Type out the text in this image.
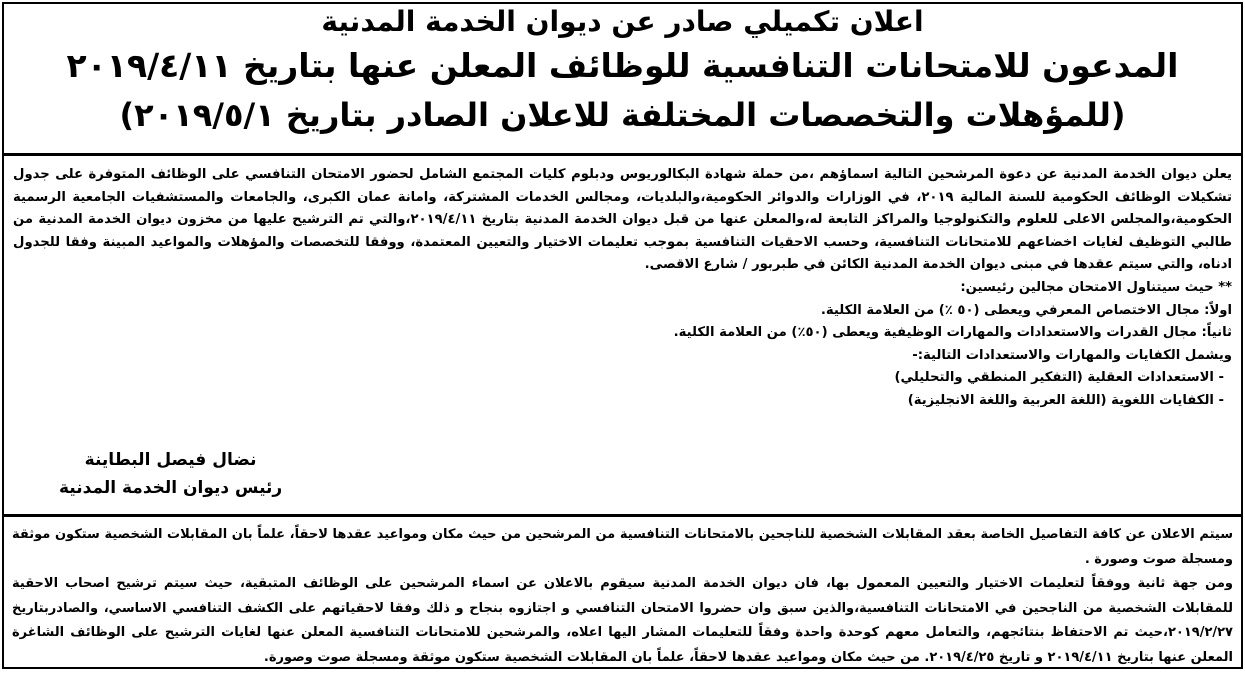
اعلان تكميلي صادر عن ديوان الخدمة المدنية
المدعون للامتحانات التنافسية للوظائف المعلن عنها بتاريخ ٢٠١٩/٤/١١
(للمؤهلات والتخصصات المختلفة للاعلان الصادر بتاريخ ٢٠١٩/٥/١)

يعلن ديوان الخدمة المدنية عن دعوة المرشحين التالية اسماؤهم ،من حملة شهادة البكالوريوس ودبلوم كليات المجتمع الشامل لحضور الامتحان التنافسي على الوظائف المتوفرة على جدول تشكيلات الوظائف الحكومية للسنة المالية ٢٠١٩، في الوزارات والدوائر الحكومية،والبلديات، ومجالس الخدمات المشتركة، وامانة عمان الكبرى، والجامعات والمستشفيات الجامعية الرسمية الحكومية،والمجلس الاعلى للعلوم والتكنولوجيا والمراكز التابعة له،والمعلن عنها من قبل ديوان الخدمة المدنية بتاريخ ٢٠١٩/٤/١١،والتي تم الترشيح عليها من مخزون ديوان الخدمة المدنية من طالبي التوظيف لغايات اخضاعهم للامتحانات التنافسية، وحسب الاحقيات التنافسية بموجب تعليمات الاختيار والتعيين المعتمدة، ووفقا للتخصصات والمؤهلات والمواعيد المبينة وفقا للجدول ادناه، والتي سيتم عقدها في مبنى ديوان الخدمة المدنية الكائن في طبربور / شارع الاقصى.

** حيث سيتناول الامتحان مجالين رئيسين:

اولاً: مجال الاختصاص المعرفي ويعطى (٥٠ ٪) من العلامة الكلية.

ثانياً: مجال القدرات والاستعدادات والمهارات الوظيفية ويعطى (٥٠٪) من العلامة الكلية.

ويشمل الكفايات والمهارات والاستعدادات التالية:-

- الاستعدادات العقلية (التفكير المنطقي والتحليلي)

- الكفايات اللغوية (اللغة العربية واللغة الانجليزية)

نضال فيصل البطاينة
رئيس ديوان الخدمة المدنية

سيتم الاعلان عن كافة التفاصيل الخاصة بعقد المقابلات الشخصية للناجحين بالامتحانات التنافسية من المرشحين من حيث مكان ومواعيد عقدها لاحقاً، علماً بان المقابلات الشخصية ستكون موثقة ومسجلة صوت وصورة .

ومن جهة ثانية ووفقاً لتعليمات الاختيار والتعيين المعمول بها، فان ديوان الخدمة المدنية سيقوم بالاعلان عن اسماء المرشحين على الوظائف المتبقية، حيث سيتم ترشيح اصحاب الاحقية للمقابلات الشخصية من الناجحين في الامتحانات التنافسية،والذين سبق وان حضروا الامتحان التنافسي و اجتازوه بنجاح و ذلك وفقا لاحقياتهم على الكشف التنافسي الاساسي، والصادربتاريخ ٢٠١٩/٢/٢٧،حيث تم الاحتفاظ بنتائجهم، والتعامل معهم كوحدة واحدة وفقاً للتعليمات المشار اليها اعلاه، والمرشحين للامتحانات التنافسية المعلن عنها لغايات الترشيح على الوظائف الشاغرة المعلن عنها بتاريخ ٢٠١٩/٤/١١ و تاريخ ٢٠١٩/٤/٢٥. من حيث مكان ومواعيد عقدها لاحقاً، علماً بان المقابلات الشخصية ستكون موثقة ومسجلة صوت وصورة.
